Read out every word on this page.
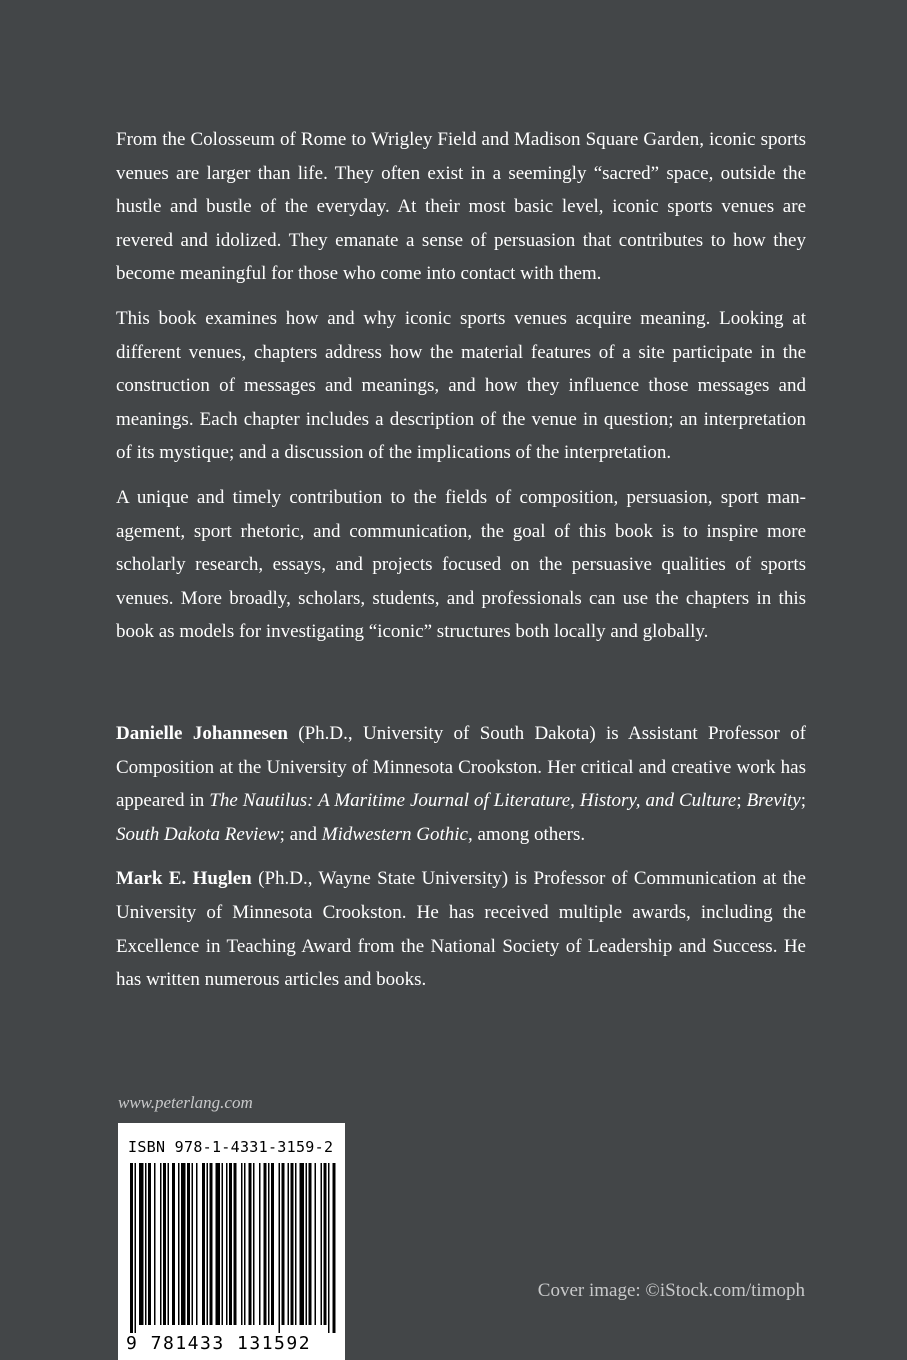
From the Colosseum of Rome to Wrigley Field and Madison Square Garden, iconic sports venues are larger than life. They often exist in a seemingly “sacred” space, outside the hustle and bustle of the everyday. At their most basic level, iconic sports venues are revered and idolized. They emanate a sense of persuasion that contributes to how they become meaningful for those who come into contact with them.

This book examines how and why iconic sports venues acquire meaning. Looking at different venues, chapters address how the material features of a site participate in the construction of messages and meanings, and how they influence those messages and meanings. Each chapter includes a description of the venue in question; an interpretation of its mystique; and a discussion of the implications of the interpretation.

A unique and timely contribution to the fields of composition, persuasion, sport management, sport rhetoric, and communication, the goal of this book is to inspire more scholarly research, essays, and projects focused on the persuasive qualities of sports venues. More broadly, scholars, students, and professionals can use the chapters in this book as models for investigating “iconic” structures both locally and globally.

Danielle Johannesen (Ph.D., University of South Dakota) is Assistant Professor of Composition at the University of Minnesota Crookston. Her critical and creative work has appeared in The Nautilus: A Maritime Journal of Literature, History, and Culture; Brevity; South Dakota Review; and Midwestern Gothic, among others.

Mark E. Huglen (Ph.D., Wayne State University) is Professor of Communication at the University of Minnesota Crookston. He has received multiple awards, including the Excellence in Teaching Award from the National Society of Leadership and Success. He has written numerous articles and books.

www.peterlang.com
ISBN 978-1-4331-3159-2
9 781433 131592
Cover image: ©iStock.com/timoph
